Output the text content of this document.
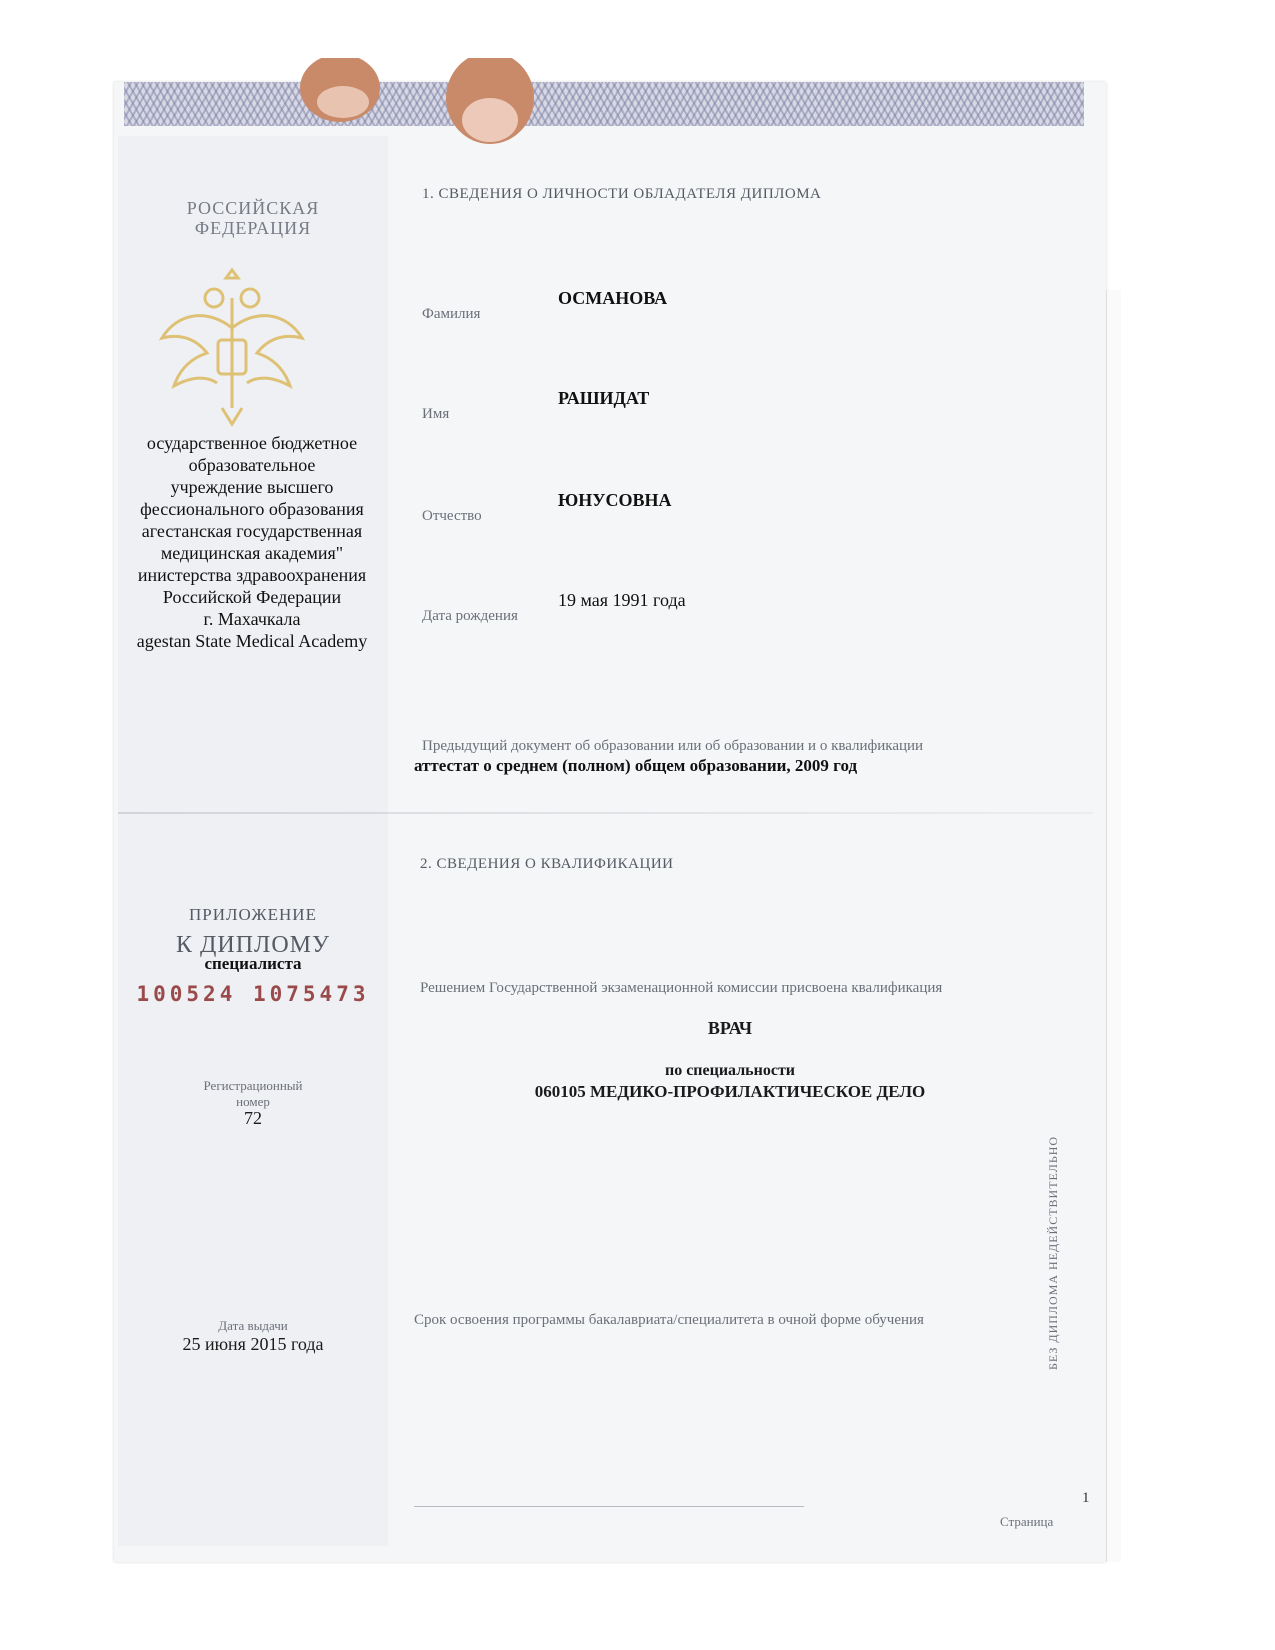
РОССИЙСКАЯ
ФЕДЕРАЦИЯ
осударственное бюджетное
образовательное
учреждение высшего
фессионального образования
агестанская государственная
медицинская академия"
инистерства здравоохранения
Российской Федерации
г. Махачкала
agestan State Medical Academy
ПРИЛОЖЕНИЕ
К ДИПЛОМУ
специалиста
100524 1075473
Регистрационный
номер
72
Дата выдачи
25 июня 2015 года
1. СВЕДЕНИЯ О ЛИЧНОСТИ ОБЛАДАТЕЛЯ ДИПЛОМА
Фамилия
ОСМАНОВА
Имя
РАШИДАТ
Отчество
ЮНУСОВНА
Дата рождения
19 мая 1991 года
Предыдущий документ об образовании или об образовании и о квалификации
аттестат о среднем (полном) общем образовании, 2009 год
2. СВЕДЕНИЯ О КВАЛИФИКАЦИИ
Решением Государственной экзаменационной комиссии присвоена квалификация
ВРАЧ
по специальности
060105 МЕДИКО-ПРОФИЛАКТИЧЕСКОЕ ДЕЛО
Срок освоения программы бакалавриата/специалитета в очной форме обучения
Страница
1
БЕЗ ДИПЛОМА НЕДЕЙСТВИТЕЛЬНО
